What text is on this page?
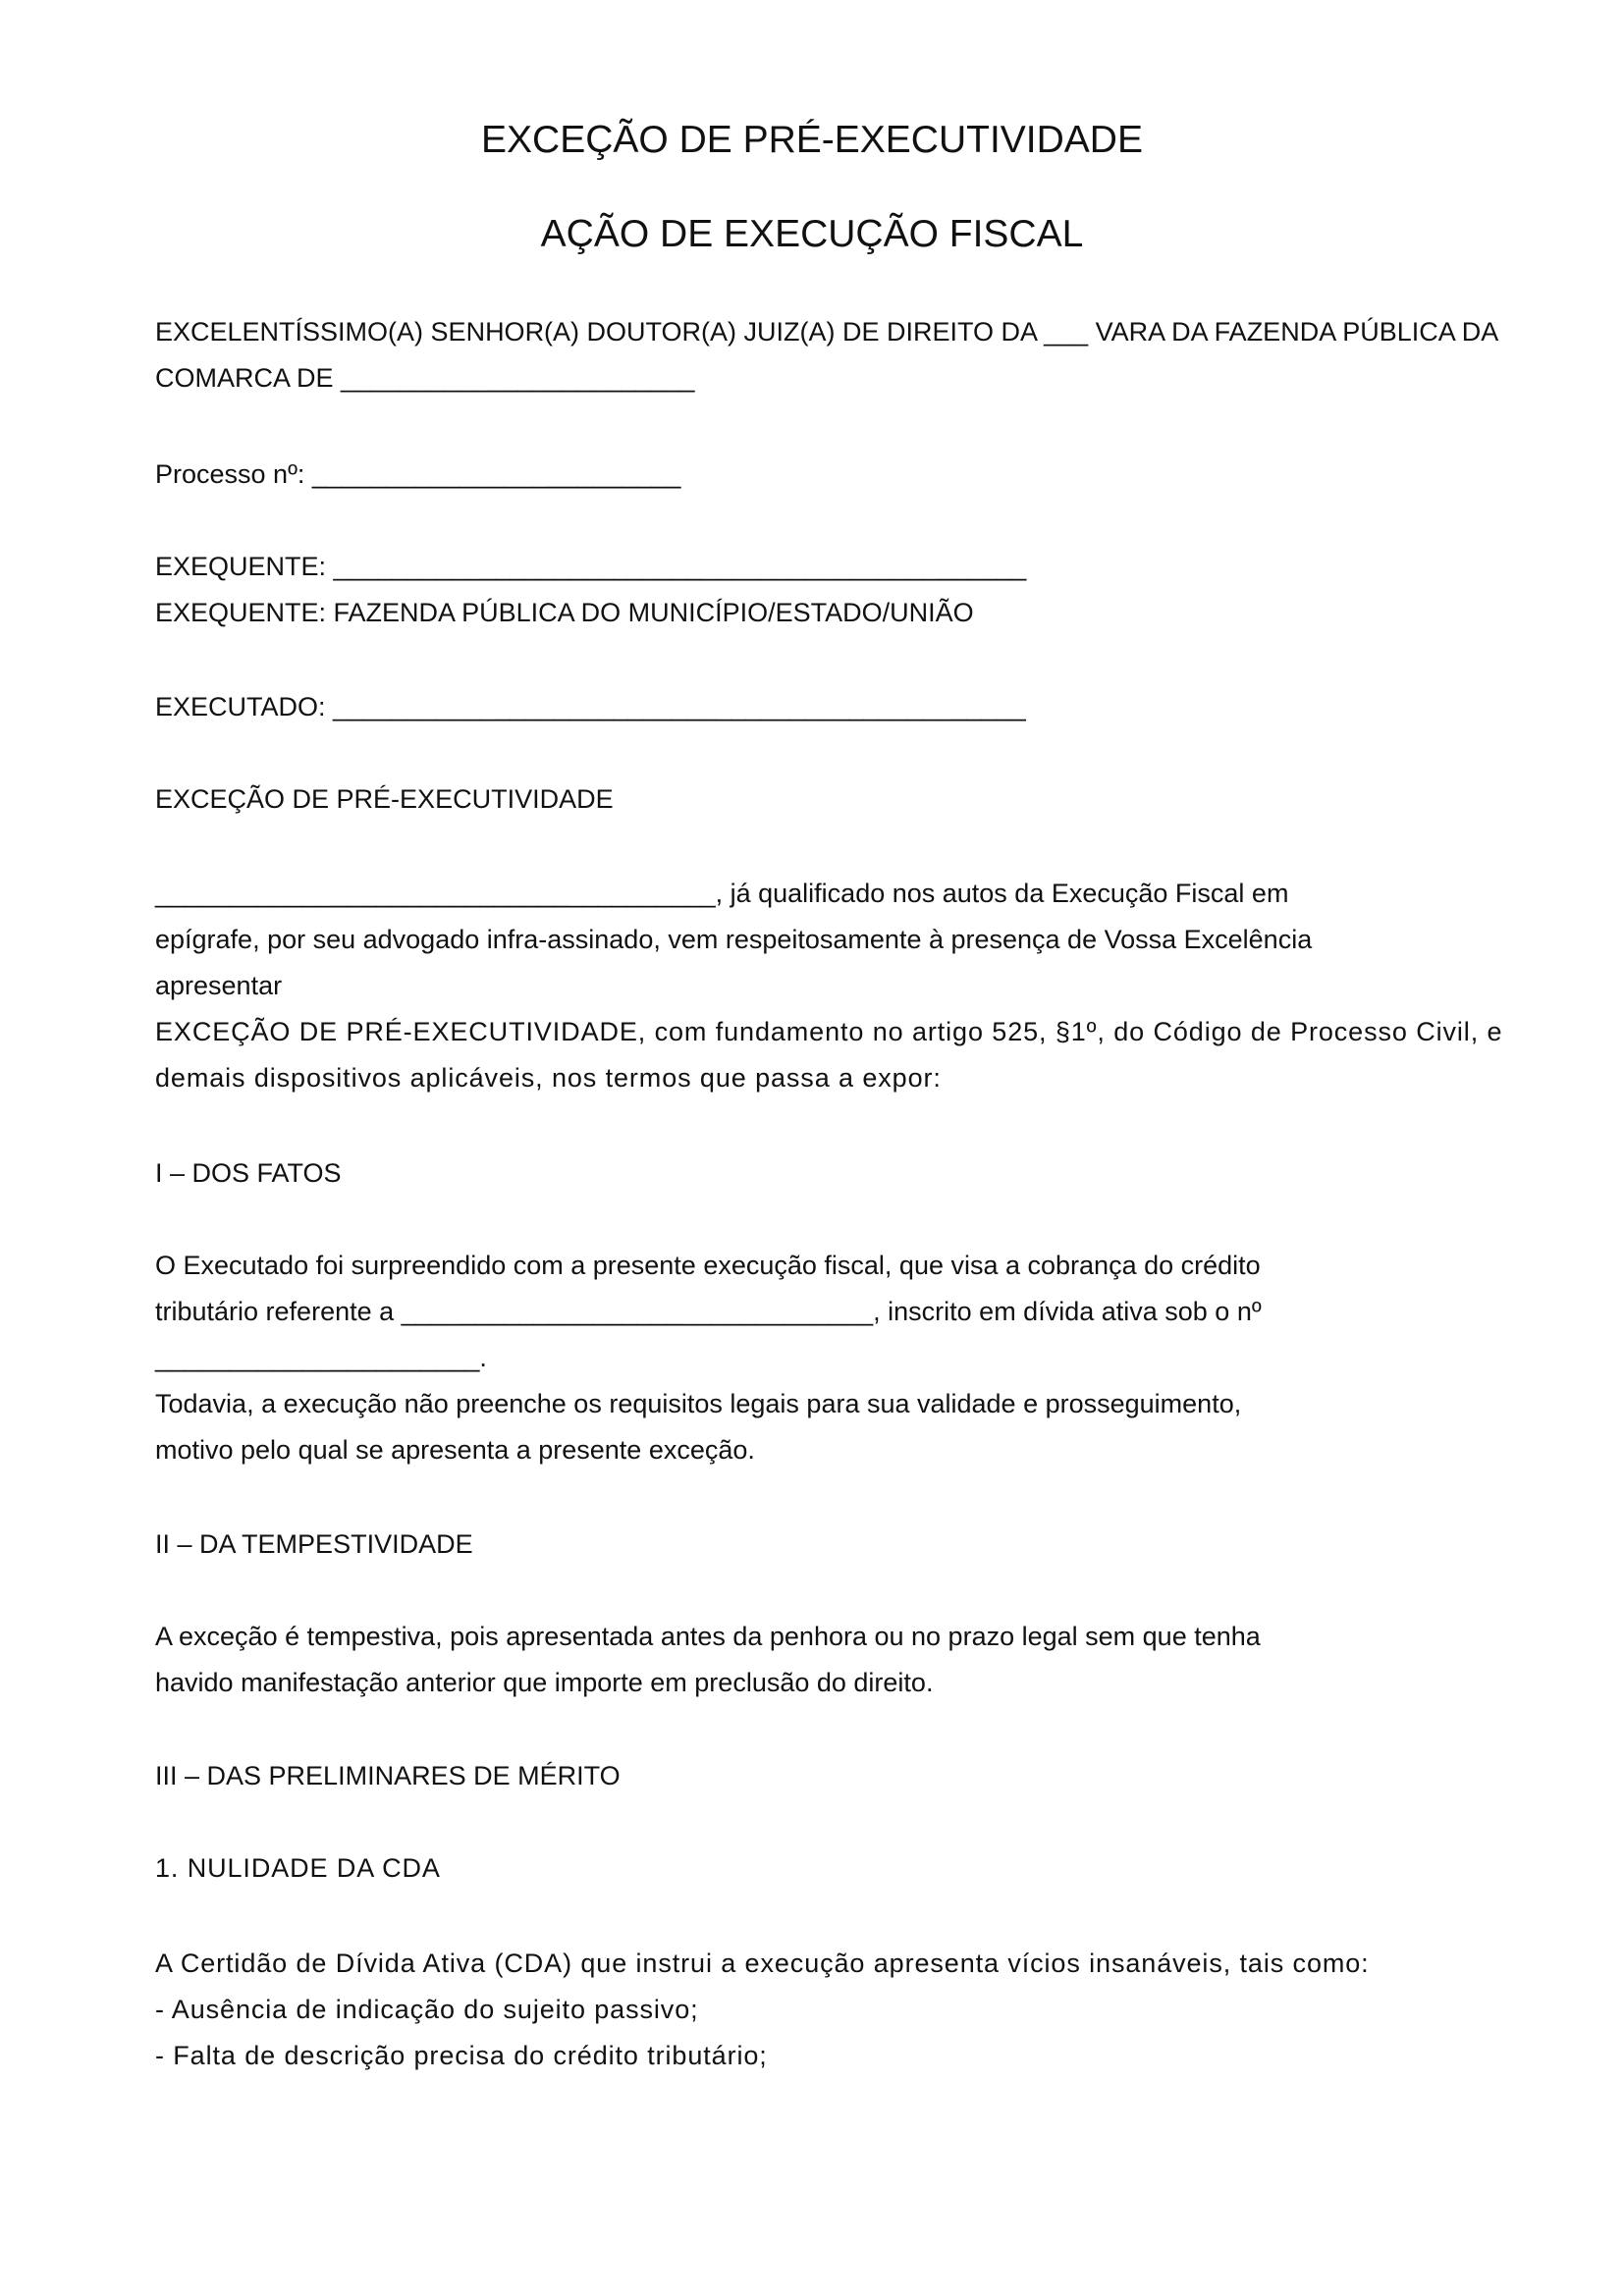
EXCEÇÃO DE PRÉ-EXECUTIVIDADE
AÇÃO DE EXECUÇÃO FISCAL
EXCELENTÍSSIMO(A) SENHOR(A) DOUTOR(A) JUIZ(A) DE DIREITO DA ___ VARA DA FAZENDA PÚBLICA DA
COMARCA DE ________________________
Processo nº: _________________________
EXEQUENTE: _______________________________________________
EXEQUENTE: FAZENDA PÚBLICA DO MUNICÍPIO/ESTADO/UNIÃO
EXECUTADO: _______________________________________________
EXCEÇÃO DE PRÉ-EXECUTIVIDADE
______________________________________, já qualificado nos autos da Execução Fiscal em
epígrafe, por seu advogado infra-assinado, vem respeitosamente à presença de Vossa Excelência
apresentar
EXCEÇÃO DE PRÉ-EXECUTIVIDADE, com fundamento no artigo 525, §1º, do Código de Processo Civil, e
demais dispositivos aplicáveis, nos termos que passa a expor:
I – DOS FATOS
O Executado foi surpreendido com a presente execução fiscal, que visa a cobrança do crédito
tributário referente a ________________________________, inscrito em dívida ativa sob o nº
______________________.
Todavia, a execução não preenche os requisitos legais para sua validade e prosseguimento,
motivo pelo qual se apresenta a presente exceção.
II – DA TEMPESTIVIDADE
A exceção é tempestiva, pois apresentada antes da penhora ou no prazo legal sem que tenha
havido manifestação anterior que importe em preclusão do direito.
III – DAS PRELIMINARES DE MÉRITO
1. NULIDADE DA CDA
A Certidão de Dívida Ativa (CDA) que instrui a execução apresenta vícios insanáveis, tais como:
- Ausência de indicação do sujeito passivo;
- Falta de descrição precisa do crédito tributário;
